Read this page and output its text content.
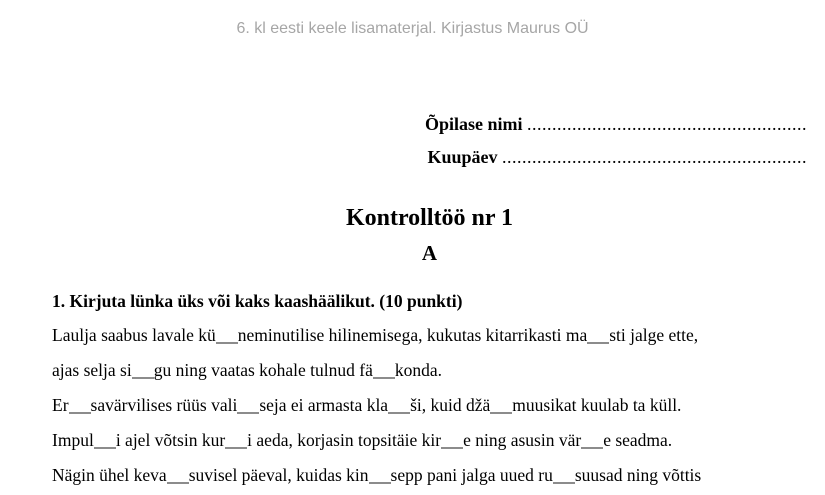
6. kl eesti keele lisamaterjal. Kirjastus Maurus OÜ
Õpilase nimi ........................................................
Kuupäev .............................................................
Kontrolltöö nr 1
A
1. Kirjuta lünka üks või kaks kaashäälikut. (10 punkti)
Laulja saabus lavale kü neminutilise hilinemisega, kukutas kitarrikasti ma sti jalge ette,
ajas selja si gu ning vaatas kohale tulnud fä konda.
Er savärvilises rüüs vali seja ei armasta kla ši, kuid džä muusikat kuulab ta küll.
Impul i ajel võtsin kur i aeda, korjasin topsitäie kir e ning asusin vär e seadma.
Nägin ühel keva suvisel päeval, kuidas kin sepp pani jalga uued ru suusad ning võttis
